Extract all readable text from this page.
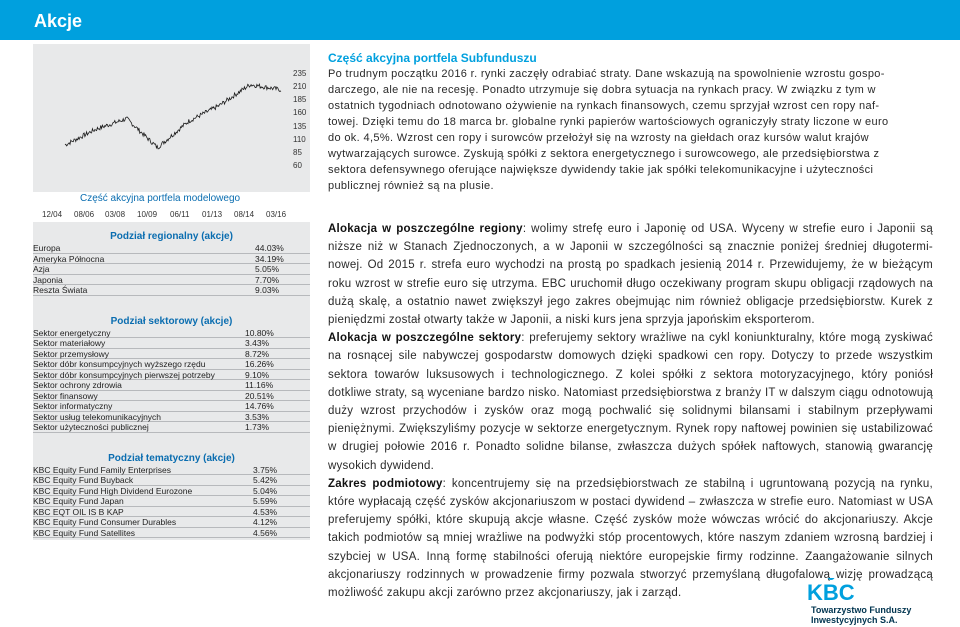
Akcje
235
210
185
160
135
110
85
60
12/04 08/06 03/08 10/09 06/11 01/13 08/14 03/16
Część akcyjna portfela modelowego
Część akcyjna portfela Subfunduszu
Po trudnym początku 2016 r. rynki zaczęły odrabiać straty. Dane wskazują na spowolnienie wzrostu gospo-
darczego, ale nie na recesję. Ponadto utrzymuje się dobra sytuacja na rynkach pracy. W związku z tym w
ostatnich tygodniach odnotowano ożywienie na rynkach finansowych, czemu sprzyjał wzrost cen ropy naf-
towej. Dzięki temu do 18 marca br. globalne rynki papierów wartościowych ograniczyły straty liczone w euro
do ok. 4,5%. Wzrost cen ropy i surowców przełożył się na wzrosty na giełdach oraz kursów walut krajów
wytwarzających surowce. Zyskują spółki z sektora energetycznego i surowcowego, ale przedsiębiorstwa z
sektora defensywnego oferujące największe dywidendy takie jak spółki telekomunikacyjne i użyteczności
publicznej również są na plusie.
Podział regionalny (akcje)
Europa	44.03%
Ameryka Północna	34.19%
Azja	5.05%
Japonia	7.70%
Reszta Świata	9.03%
Podział sektorowy (akcje)
Sektor energetyczny	10.80%
Sektor materiałowy	3.43%
Sektor przemysłowy	8.72%
Sektor dóbr konsumpcyjnych wyższego rzędu	16.26%
Sektor dóbr konsumpcyjnych pierwszej potrzeby	9.10%
Sektor ochrony zdrowia	11.16%
Sektor finansowy	20.51%
Sektor informatyczny	14.76%
Sektor usług telekomunikacyjnych	3.53%
Sektor użyteczności publicznej	1.73%
Podział tematyczny (akcje)
KBC Equity Fund Family Enterprises	3.75%
KBC Equity Fund Buyback	5.42%
KBC Equity Fund High Dividend Eurozone	5.04%
KBC Equity Fund Japan	5.59%
KBC EQT OIL IS B KAP	4.53%
KBC Equity Fund Consumer Durables	4.12%
KBC Equity Fund Satellites	4.56%

Alokacja w poszczególne regiony: wolimy strefę euro i Japonię od USA. Wyceny w strefie euro i Japonii są niższe niż w Stanach Zjednoczonych, a w Japonii w szczególności są znacznie poniżej średniej długotermi-nowej. Od 2015 r. strefa euro wychodzi na prostą po spadkach jesienią 2014 r. Przewidujemy, że w bieżącym roku wzrost w strefie euro się utrzyma. EBC uruchomił długo oczekiwany program skupu obligacji rządowych na dużą skalę, a ostatnio nawet zwiększył jego zakres obejmując nim również obligacje przedsiębiorstw. Kurek z pieniędzmi został otwarty także w Japonii, a niski kurs jena sprzyja japońskim eksporterom.

Alokacja w poszczególne sektory: preferujemy sektory wrażliwe na cykl koniunkturalny, które mogą zyskiwać na rosnącej sile nabywczej gospodarstw domowych dzięki spadkowi cen ropy. Dotyczy to przede wszystkim sektora towarów luksusowych i technologicznego. Z kolei spółki z sektora motoryzacyjnego, który poniósł dotkliwe straty, są wyceniane bardzo nisko. Natomiast przedsiębiorstwa z branży IT w dalszym ciągu odnotowują duży wzrost przychodów i zysków oraz mogą pochwalić się solidnymi bilansami i stabilnym przepływami pieniężnymi. Zwiększyliśmy pozycje w sektorze energetycznym. Rynek ropy naftowej powinien się ustabilizować w drugiej połowie 2016 r. Ponadto solidne bilanse, zwłaszcza dużych spółek naftowych, stanowią gwarancję wysokich dywidend.

Zakres podmiotowy: koncentrujemy się na przedsiębiorstwach ze stabilną i ugruntowaną pozycją na rynku, które wypłacają część zysków akcjonariuszom w postaci dywidend – zwłaszcza w strefie euro. Natomiast w USA preferujemy spółki, które skupują akcje własne. Część zysków może wówczas wrócić do akcjonariuszy. Akcje takich podmiotów są mniej wrażliwe na podwyżki stóp procentowych, które naszym zdaniem wzrosną bardziej i szybciej w USA. Inną formę stabilności oferują niektóre europejskie firmy rodzinne. Zaangażowanie silnych akcjonariuszy rodzinnych w prowadzenie firmy pozwala stworzyć przemyślaną długofalową wizję prowadzącą możliwość zakupu akcji zarówno przez akcjonariuszy, jak i zarząd.	KBC
Towarzystwo Funduszy
Inwestycyjnych S.A.
